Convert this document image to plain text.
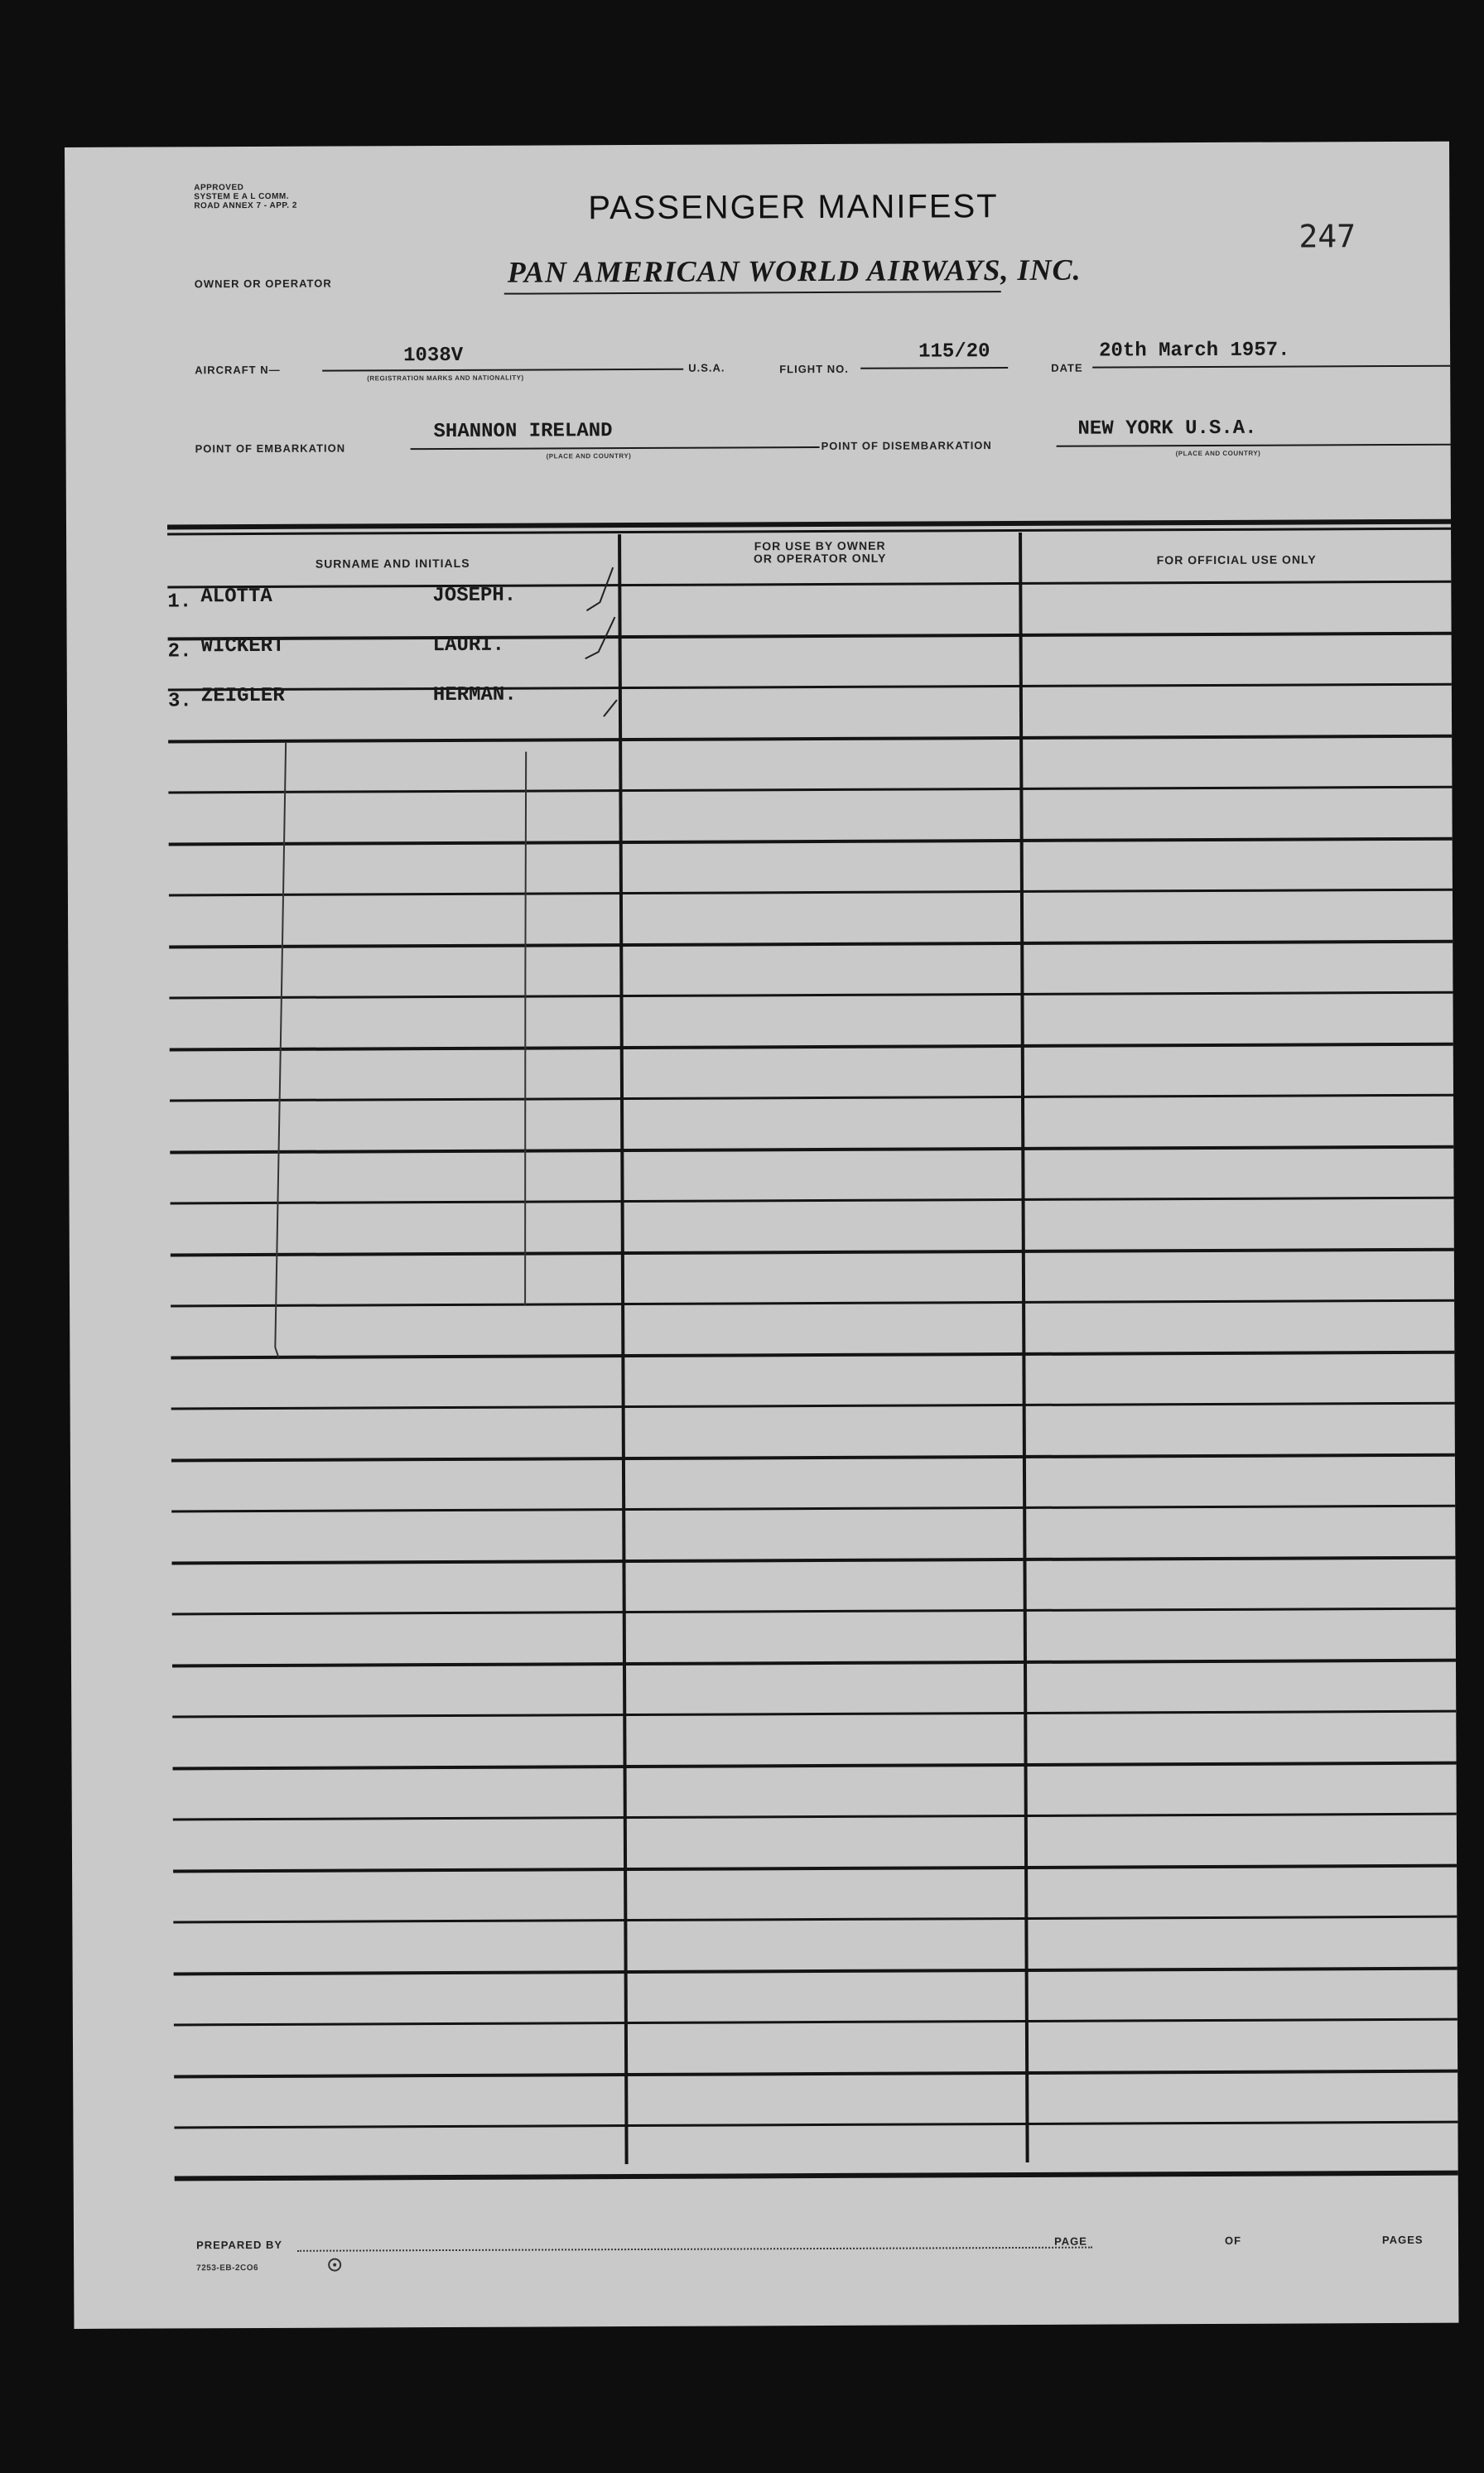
APPROVED
SYSTEM E A L COMM.
ROAD ANNEX 7 - APP. 2	PASSENGER MANIFEST
247
OWNER OR OPERATOR	PAN AMERICAN WORLD AIRWAYS, INC.
AIRCRAFT N—
1038V
(REGISTRATION MARKS AND NATIONALITY)
U.S.A.	FLIGHT NO.
115/20
DATE
20th March 1957.
POINT OF EMBARKATION
SHANNON IRELAND
(PLACE AND COUNTRY)
POINT OF DISEMBARKATION
NEW YORK U.S.A.
(PLACE AND COUNTRY)
SURNAME AND INITIALS
FOR USE BY OWNER
OR OPERATOR ONLY	FOR OFFICIAL USE ONLY
1. ALOTTA	JOSEPH.
2. WICKERT	LAURI.
3. ZEIGLER	HERMAN.
PREPARED BY
7253-EB-2CO6
PAGE	OF	PAGES
